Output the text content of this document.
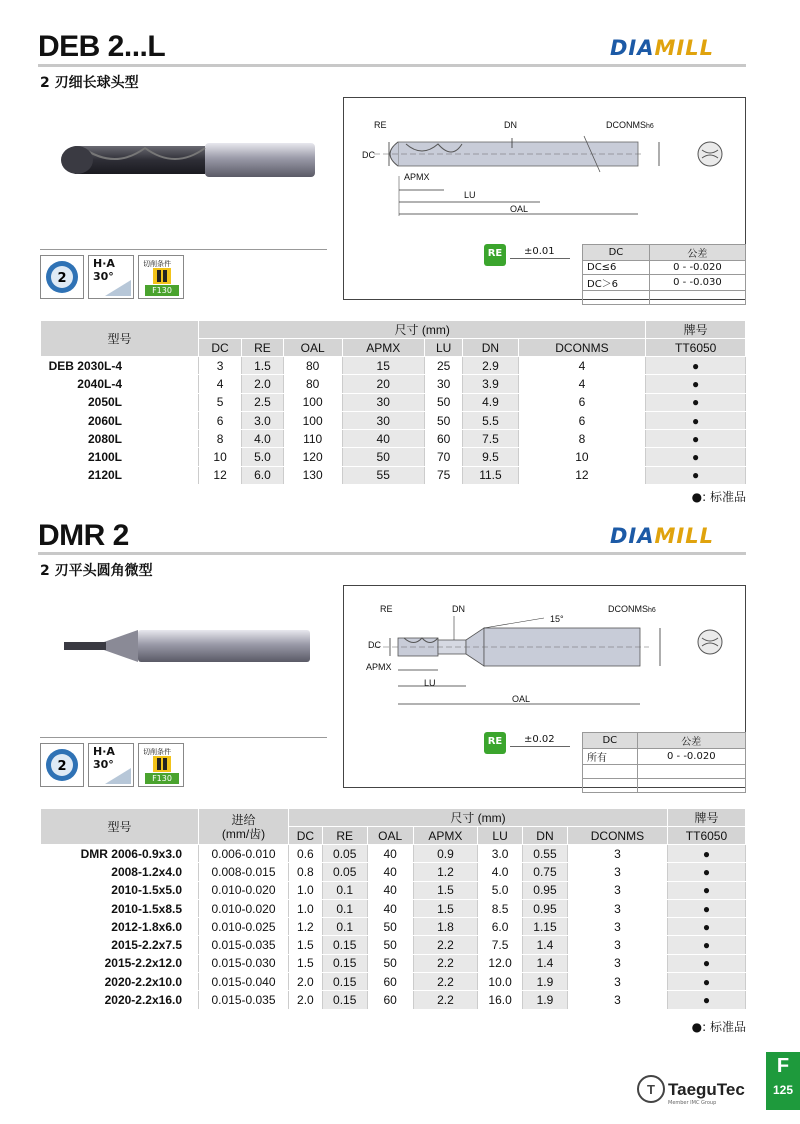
DEB 2...L	DIAMILL
2 刃细长球头型
2
H·A
30°
切削条件
F130
RE	DN	DCONMSh6
DC
APMX
LU
OAL
RE	±0.01	DC	公差
DC≤6	0 - -0.020
DC＞6	0 - -0.030

型号	尺寸 (mm)							牌号
	DC	RE	OAL	APMX	LU	DN	DCONMS	TT6050
DEB 2030L-4	3	1.5	80	15	25	2.9	4	●
2040L-4	4	2.0	80	20	30	3.9	4	●
2050L	5	2.5	100	30	50	4.9	6	●
2060L	6	3.0	100	30	50	5.5	6	●
2080L	8	4.0	110	40	60	7.5	8	●
2100L	10	5.0	120	50	70	9.5	10	●
2120L	12	6.0	130	55	75	11.5	12	●
●: 标准品
DMR 2	DIAMILL
2 刃平头圆角微型
2
H·A
30°
切削条件
F130
RE	DN
15°
DCONMSh6
DC
APMX
LU
OAL
RE	±0.02	DC	公差
所有	0 - -0.020

型号	进给
(mm/齿)	尺寸 (mm)							牌号
		DC	RE	OAL	APMX	LU	DN	DCONMS	TT6050
DMR 2006-0.9x3.0	0.006-0.010	0.6	0.05	40	0.9	3.0	0.55	3	●
2008-1.2x4.0	0.008-0.015	0.8	0.05	40	1.2	4.0	0.75	3	●
2010-1.5x5.0	0.010-0.020	1.0	0.1	40	1.5	5.0	0.95	3	●
2010-1.5x8.5	0.010-0.020	1.0	0.1	40	1.5	8.5	0.95	3	●
2012-1.8x6.0	0.010-0.025	1.2	0.1	50	1.8	6.0	1.15	3	●
2015-2.2x7.5	0.015-0.035	1.5	0.15	50	2.2	7.5	1.4	3	●
2015-2.2x12.0	0.015-0.030	1.5	0.15	50	2.2	12.0	1.4	3	●
2020-2.2x10.0	0.015-0.040	2.0	0.15	60	2.2	10.0	1.9	3	●
2020-2.2x16.0	0.015-0.035	2.0	0.15	60	2.2	16.0	1.9	3	●
●: 标准品
T TaeguTec
Member IMC Group
F
125
